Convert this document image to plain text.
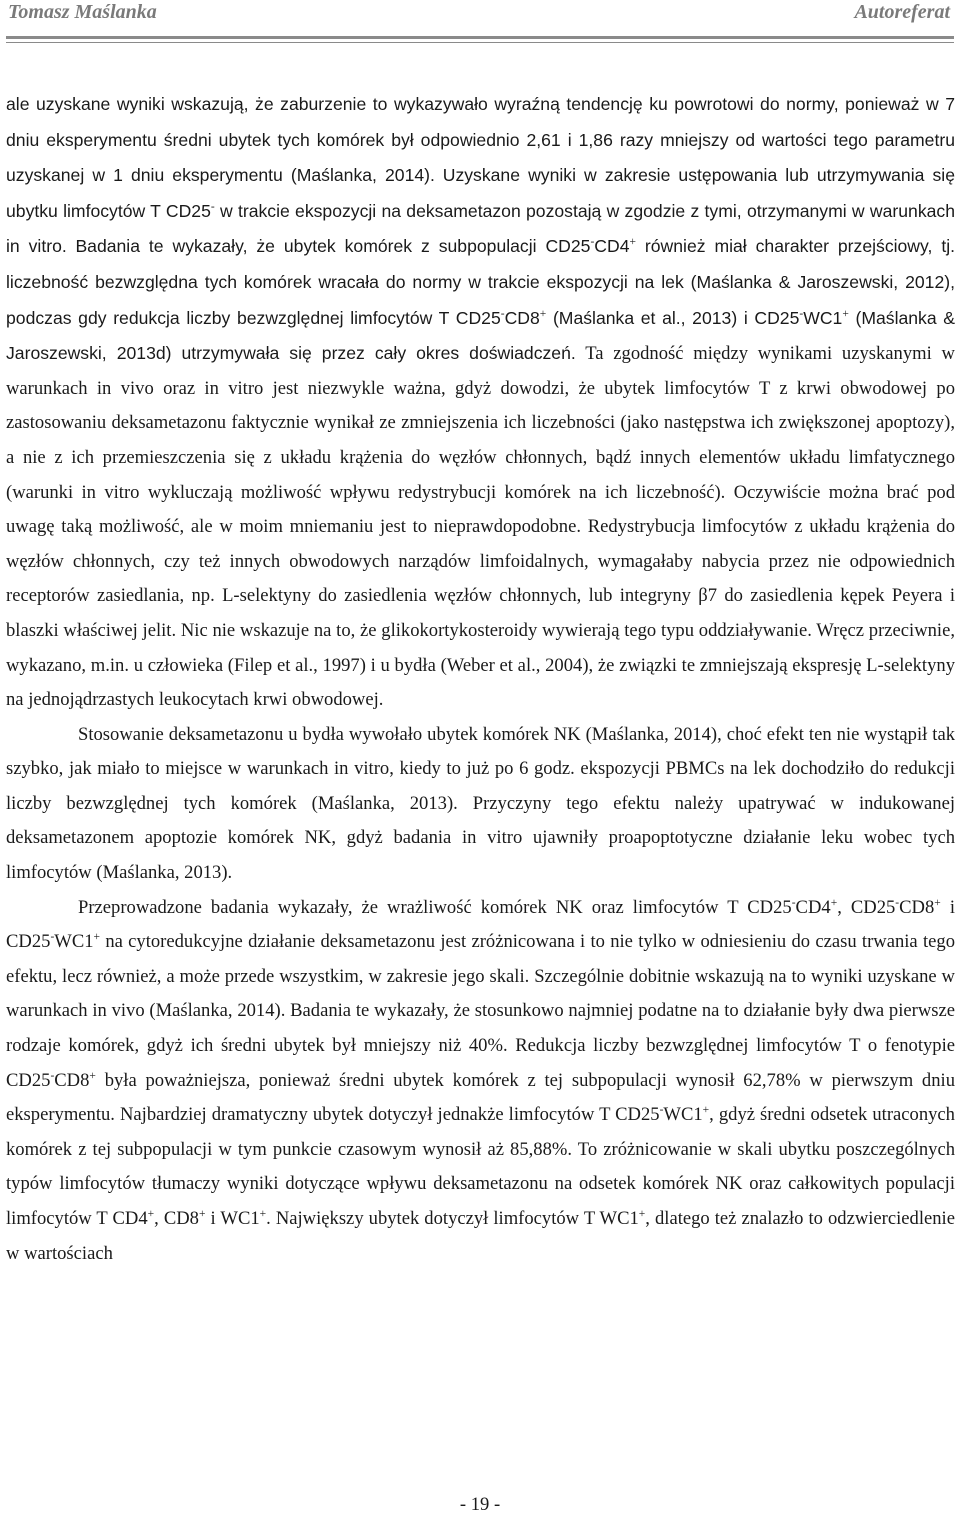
Tomasz Maślanka	Autoreferat

ale uzyskane wyniki wskazują, że zaburzenie to wykazywało wyraźną tendencję ku powrotowi do normy, ponieważ w 7 dniu eksperymentu średni ubytek tych komórek był odpowiednio 2,61 i 1,86 razy mniejszy od wartości tego parametru uzyskanej w 1 dniu eksperymentu (Maślanka, 2014). Uzyskane wyniki w zakresie ustępowania lub utrzymywania się ubytku limfocytów T CD25- w trakcie ekspozycji na deksametazon pozostają w zgodzie z tymi, otrzymanymi w warunkach in vitro. Badania te wykazały, że ubytek komórek z subpopulacji CD25-CD4+ również miał charakter przejściowy, tj. liczebność bezwzględna tych komórek wracała do normy w trakcie ekspozycji na lek (Maślanka & Jaroszewski, 2012), podczas gdy redukcja liczby bezwzględnej limfocytów T CD25-CD8+ (Maślanka et al., 2013) i CD25-WC1+ (Maślanka & Jaroszewski, 2013d) utrzymywała się przez cały okres doświadczeń. Ta zgodność między wynikami uzyskanymi w warunkach in vivo oraz in vitro jest niezwykle ważna, gdyż dowodzi, że ubytek limfocytów T z krwi obwodowej po zastosowaniu deksametazonu faktycznie wynikał ze zmniejszenia ich liczebności (jako następstwa ich zwiększonej apoptozy), a nie z ich przemieszczenia się z układu krążenia do węzłów chłonnych, bądź innych elementów układu limfatycznego (warunki in vitro wykluczają możliwość wpływu redystrybucji komórek na ich liczebność). Oczywiście można brać pod uwagę taką możliwość, ale w moim mniemaniu jest to nieprawdopodobne. Redystrybucja limfocytów z układu krążenia do węzłów chłonnych, czy też innych obwodowych narządów limfoidalnych, wymagałaby nabycia przez nie odpowiednich receptorów zasiedlania, np. L-selektyny do zasiedlenia węzłów chłonnych, lub integryny β7 do zasiedlenia kępek Peyera i blaszki właściwej jelit. Nic nie wskazuje na to, że glikokortykosteroidy wywierają tego typu oddziaływanie. Wręcz przeciwnie, wykazano, m.in. u człowieka (Filep et al., 1997) i u bydła (Weber et al., 2004), że związki te zmniejszają ekspresję L-selektyny na jednojądrzastych leukocytach krwi obwodowej.

Stosowanie deksametazonu u bydła wywołało ubytek komórek NK (Maślanka, 2014), choć efekt ten nie wystąpił tak szybko, jak miało to miejsce w warunkach in vitro, kiedy to już po 6 godz. ekspozycji PBMCs na lek dochodziło do redukcji liczby bezwzględnej tych komórek (Maślanka, 2013). Przyczyny tego efektu należy upatrywać w indukowanej deksametazonem apoptozie komórek NK, gdyż badania in vitro ujawniły proapoptotyczne działanie leku wobec tych limfocytów (Maślanka, 2013).

Przeprowadzone badania wykazały, że wrażliwość komórek NK oraz limfocytów T CD25-CD4+, CD25-CD8+ i CD25-WC1+ na cytoredukcyjne działanie deksametazonu jest zróżnicowana i to nie tylko w odniesieniu do czasu trwania tego efektu, lecz również, a może przede wszystkim, w zakresie jego skali. Szczególnie dobitnie wskazują na to wyniki uzyskane w warunkach in vivo (Maślanka, 2014). Badania te wykazały, że stosunkowo najmniej podatne na to działanie były dwa pierwsze rodzaje komórek, gdyż ich średni ubytek był mniejszy niż 40%. Redukcja liczby bezwzględnej limfocytów T o fenotypie CD25-CD8+ była poważniejsza, ponieważ średni ubytek komórek z tej subpopulacji wynosił 62,78% w pierwszym dniu eksperymentu. Najbardziej dramatyczny ubytek dotyczył jednakże limfocytów T CD25-WC1+, gdyż średni odsetek utraconych komórek z tej subpopulacji w tym punkcie czasowym wynosił aż 85,88%. To zróżnicowanie w skali ubytku poszczególnych typów limfocytów tłumaczy wyniki dotyczące wpływu deksametazonu na odsetek komórek NK oraz całkowitych populacji limfocytów T CD4+, CD8+ i WC1+. Największy ubytek dotyczył limfocytów T WC1+, dlatego też znalazło to odzwierciedlenie w wartościach

- 19 -
